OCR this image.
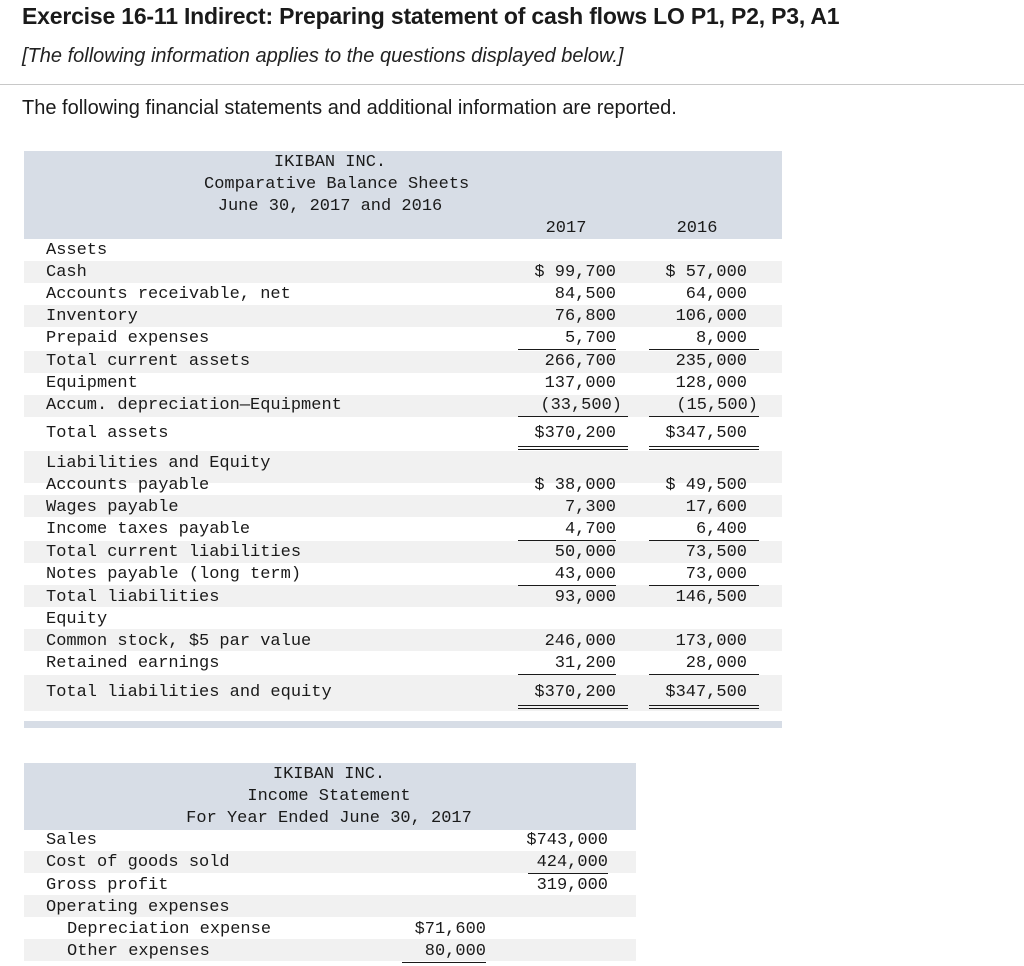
Exercise 16-11 Indirect: Preparing statement of cash flows LO P1, P2, P3, A1
[The following information applies to the questions displayed below.]
The following financial statements and additional information are reported.
IKIBAN INC.
Comparative Balance Sheets
June 30, 2017 and 2016
2017	2016
Assets
Cash	$ 99,700	$ 57,000
Accounts receivable, net	84,500	64,000
Inventory	76,800	106,000
Prepaid expenses	5,700	8,000
Total current assets	266,700	235,000
Equipment	137,000	128,000
Accum. depreciation—Equipment	(33,500)	(15,500)
Total assets	$370,200	$347,500
Liabilities and Equity
Accounts payable	$ 38,000	$ 49,500
Wages payable	7,300	17,600
Income taxes payable	4,700	6,400
Total current liabilities	50,000	73,500
Notes payable (long term)	43,000	73,000
Total liabilities	93,000	146,500
Equity
Common stock, $5 par value	246,000	173,000
Retained earnings	31,200	28,000
Total liabilities and equity	$370,200	$347,500
IKIBAN INC.
Income Statement
For Year Ended June 30, 2017
Sales	$743,000
Cost of goods sold	424,000
Gross profit	319,000
Operating expenses
Depreciation expense	$71,600
Other expenses	80,000
